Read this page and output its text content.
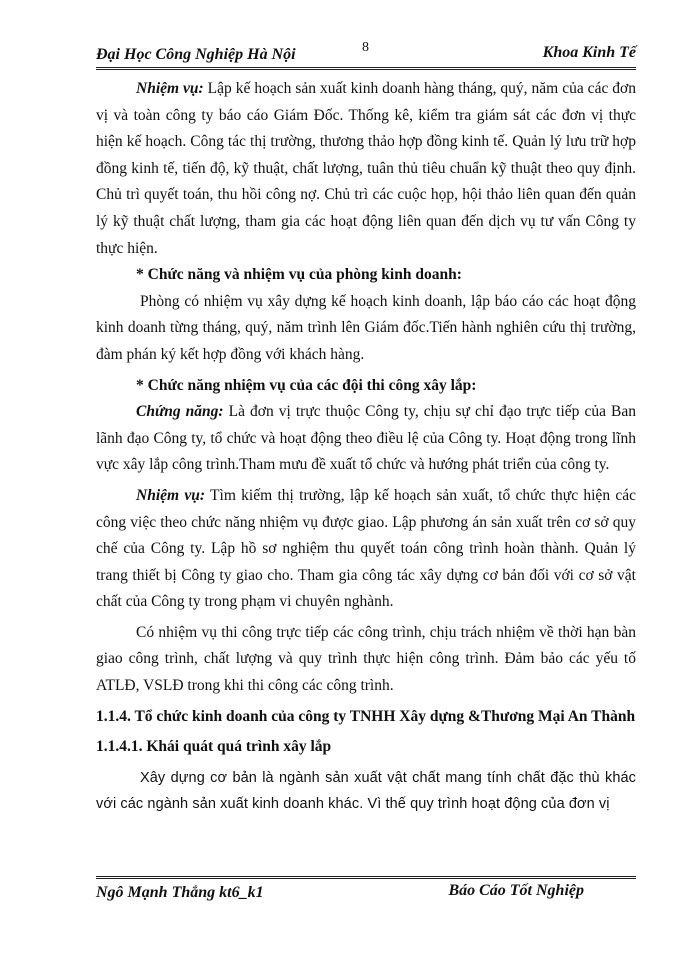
Đại Học Công Nghiệp Hà Nội	8	Khoa Kinh Tế

Nhiệm vụ: Lập kế hoạch sản xuất kinh doanh hàng tháng, quý, năm của các đơn vị và toàn công ty báo cáo Giám Đốc. Thống kê, kiểm tra giám sát các đơn vị thực hiện kế hoạch. Công tác thị trường, thương thảo hợp đồng kinh tế. Quản lý lưu trữ hợp đồng kinh tế, tiến độ, kỹ thuật, chất lượng, tuân thủ tiêu chuẩn kỹ thuật theo quy định. Chủ trì quyết toán, thu hồi công nợ. Chủ trì các cuộc họp, hội thảo liên quan đến quản lý kỹ thuật chất lượng, tham gia các hoạt động liên quan đến dịch vụ tư vấn Công ty thực hiện.

* Chức năng và nhiệm vụ của phòng kinh doanh:

Phòng có nhiệm vụ xây dựng kế hoạch kinh doanh, lập báo cáo các hoạt động kinh doanh từng tháng, quý, năm trình lên Giám đốc.Tiến hành nghiên cứu thị trường, đàm phán ký kết hợp đồng với khách hàng.

* Chức năng nhiệm vụ của các đội thi công xây lắp:

Chứng năng: Là đơn vị trực thuộc Công ty, chịu sự chỉ đạo trực tiếp của Ban lãnh đạo Công ty, tổ chức và hoạt động theo điều lệ của Công ty. Hoạt động trong lĩnh vực xây lắp công trình.Tham mưu đề xuất tổ chức và hướng phát triển của công ty.

Nhiệm vụ: Tìm kiếm thị trường, lập kế hoạch sản xuất, tổ chức thực hiện các công việc theo chức năng nhiệm vụ được giao. Lập phương án sản xuất trên cơ sở quy chế của Công ty. Lập hồ sơ nghiệm thu quyết toán công trình hoàn thành. Quản lý trang thiết bị Công ty giao cho. Tham gia công tác xây dựng cơ bản đối với cơ sở vật chất của Công ty trong phạm vi chuyên nghành.

Có nhiệm vụ thi công trực tiếp các công trình, chịu trách nhiệm về thời hạn bàn giao công trình, chất lượng và quy trình thực hiện công trình. Đảm bảo các yếu tố ATLĐ, VSLĐ trong khi thi công các công trình.

1.1.4. Tổ chức kinh doanh của công ty TNHH Xây dựng &Thương Mại An Thành

1.1.4.1. Khái quát quá trình xây lắp

Xây dựng cơ bản là ngành sản xuất vật chất mang tính chất đặc thù khác với các ngành sản xuất kinh doanh khác. Vì thế quy trình hoạt động của đơn vị

Ngô Mạnh Thắng kt6_k1	Báo Cáo Tốt Nghiệp
